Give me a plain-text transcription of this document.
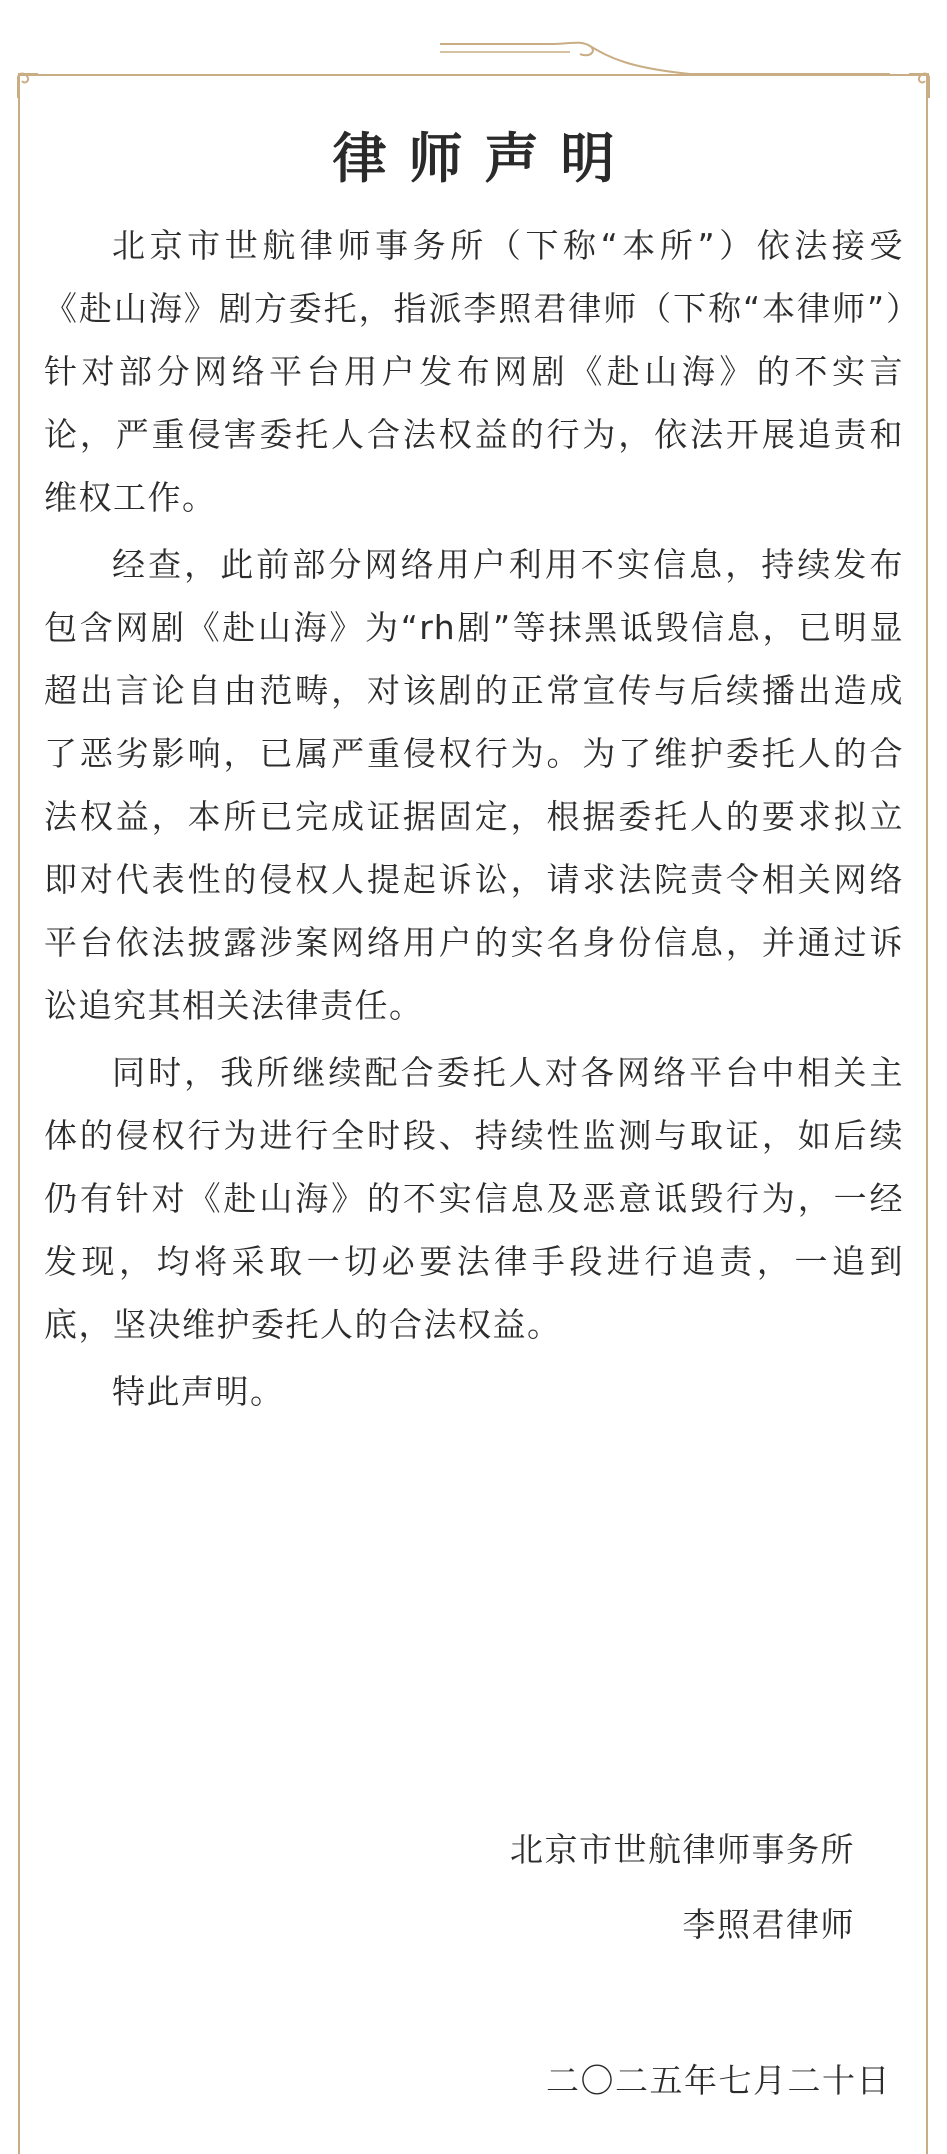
律师声明

北京市世航律师事务所（下称“本所”）依法接受《赴山海》剧方委托，指派李照君律师（下称“本律师”）针对部分网络平台用户发布网剧《赴山海》的不实言论，严重侵害委托人合法权益的行为，依法开展追责和维权工作。

经查，此前部分网络用户利用不实信息，持续发布包含网剧《赴山海》为“rh剧”等抹黑诋毁信息，已明显超出言论自由范畴，对该剧的正常宣传与后续播出造成了恶劣影响，已属严重侵权行为。为了维护委托人的合法权益，本所已完成证据固定，根据委托人的要求拟立即对代表性的侵权人提起诉讼，请求法院责令相关网络平台依法披露涉案网络用户的实名身份信息，并通过诉讼追究其相关法律责任。

同时，我所继续配合委托人对各网络平台中相关主体的侵权行为进行全时段、持续性监测与取证，如后续仍有针对《赴山海》的不实信息及恶意诋毁行为，一经发现，均将采取一切必要法律手段进行追责，一追到底，坚决维护委托人的合法权益。

特此声明。

北京市世航律师事务所
李照君律师
二〇二五年七月二十日
